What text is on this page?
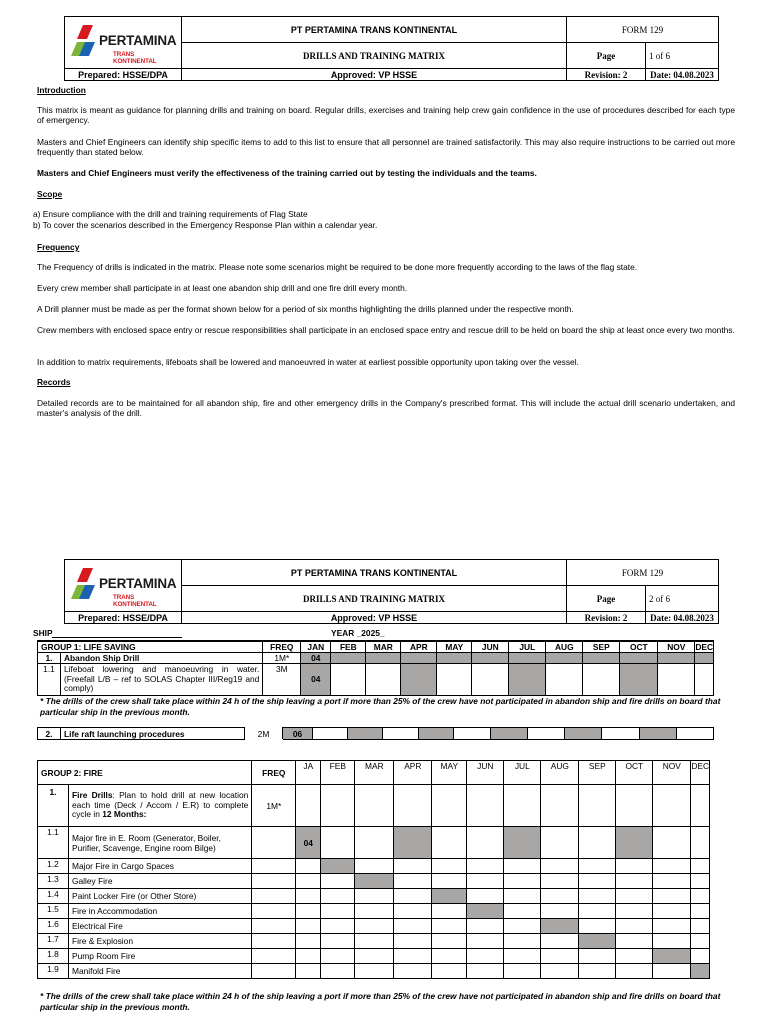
PERTAMINA
TRANS KONTINENTAL	PT PERTAMINA TRANS KONTINENTAL	FORM 129	
	DRILLS AND TRAINING MATRIX	Page	1 of 6
Prepared: HSSE/DPA	Approved: VP HSSE	Revision: 2	Date: 04.08.2023
Introduction
This matrix is meant as guidance for planning drills and training on board. Regular drills, exercises and training help crew gain confidence in the use of procedures described for each type of emergency.
Masters and Chief Engineers can identify ship specific items to add to this list to ensure that all personnel are trained satisfactorily. This may also require instructions to be carried out more frequently than stated below.
Masters and Chief Engineers must verify the effectiveness of the training carried out by testing the individuals and the teams.
Scope
a) Ensure compliance with the drill and training requirements of Flag State
b) To cover the scenarios described in the Emergency Response Plan within a calendar year.
Frequency
The Frequency of drills is indicated in the matrix. Please note some scenarios might be required to be done more frequently according to the laws of the flag state.
Every crew member shall participate in at least one abandon ship drill and one fire drill every month.
A Drill planner must be made as per the format shown below for a period of six months highlighting the drills planned under the respective month.
Crew members with enclosed space entry or rescue responsibilities shall participate in an enclosed space entry and rescue drill to be held on board the ship at least once every two months.
In addition to matrix requirements, lifeboats shall be lowered and manoeuvred in water at earliest possible opportunity upon taking over the vessel.
Records
Detailed records are to be maintained for all abandon ship, fire and other emergency drills in the Company's prescribed format. This will include the actual drill scenario undertaken, and master's analysis of the drill.
PERTAMINA
TRANS KONTINENTAL	PT PERTAMINA TRANS KONTINENTAL	FORM 129	
	DRILLS AND TRAINING MATRIX	Page	2 of 6
Prepared: HSSE/DPA	Approved: VP HSSE	Revision: 2	Date: 04.08.2023
SHIP	YEAR _2025_
GROUP 1: LIFE SAVING		FREQ	JAN	FEB	MAR	APR	MAY	JUN	JUL	AUG	SEP	OCT	NOV	DEC
1.	Abandon Ship Drill	1M*	04											
1.1	Lifeboat lowering and manoeuvring in water. (Freefall L/B – ref to SOLAS Chapter III/Reg19 and comply)	3M	04											
* The drills of the crew shall take place within 24 h of the ship leaving a port if more than 25% of the crew have not participated in abandon ship and fire drills on board that particular ship in the previous month.
2.	Life raft launching procedures	2M	06											
GROUP 2: FIRE		FREQ	JA	FEB	MAR	APR	MAY	JUN	JUL	AUG	SEP	OCT	NOV	DEC
1.	Fire Drills: Plan to hold drill at new location each time (Deck / Accom / E.R) to complete cycle in 12 Months:	1M*												
1.1	Major fire in E. Room (Generator, Boiler, Purifier, Scavenge, Engine room Bilge)		04											
1.2	Major Fire in Cargo Spaces													
1.3	Galley Fire													
1.4	Paint Locker Fire (or Other Store)													
1.5	Fire in Accommodation													
1.6	Electrical Fire													
1.7	Fire & Explosion													
1.8	Pump Room Fire													
1.9	Manifold Fire													
* The drills of the crew shall take place within 24 h of the ship leaving a port if more than 25% of the crew have not participated in abandon ship and fire drills on board that particular ship in the previous month.
